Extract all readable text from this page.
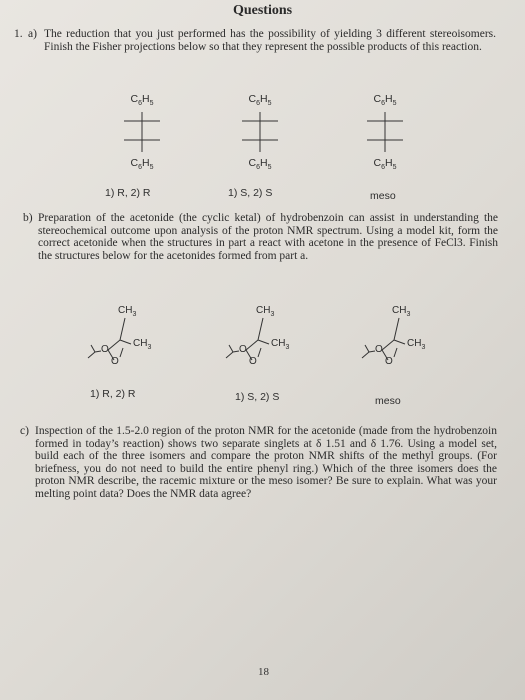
Questions
1. a) The reduction that you just performed has the possibility of yielding 3 different stereoisomers. Finish the Fisher projections below so that they represent the possible products of this reaction.
$C_6H_5$	$C_6H_5$	$C_6H_5$
$C_6H_5$	$C_6H_5$	$C_6H_5$
1) R, 2) R	1) S, 2) S	meso
b) Preparation of the acetonide (the cyclic ketal) of hydrobenzoin can assist in understanding the stereochemical outcome upon analysis of the proton NMR spectrum. Using a model kit, form the correct acetonide when the structures in part a react with acetone in the presence of FeCl3. Finish the structures below for the acetonides formed from part a.
$CH_3$
$CH_3$
O
O
$CH_3$
$CH_3$
O
O
$CH_3$
$CH_3$
O
O
1) R, 2) R	1) S, 2) S	meso
c) Inspection of the 1.5-2.0 region of the proton NMR for the acetonide (made from the hydrobenzoin formed in today’s reaction) shows two separate singlets at δ 1.51 and δ 1.76. Using a model set, build each of the three isomers and compare the proton NMR shifts of the methyl groups. (For briefness, you do not need to build the entire phenyl ring.) Which of the three isomers does the proton NMR describe, the racemic mixture or the meso isomer? Be sure to explain. What was your melting point data? Does the NMR data agree?
18
